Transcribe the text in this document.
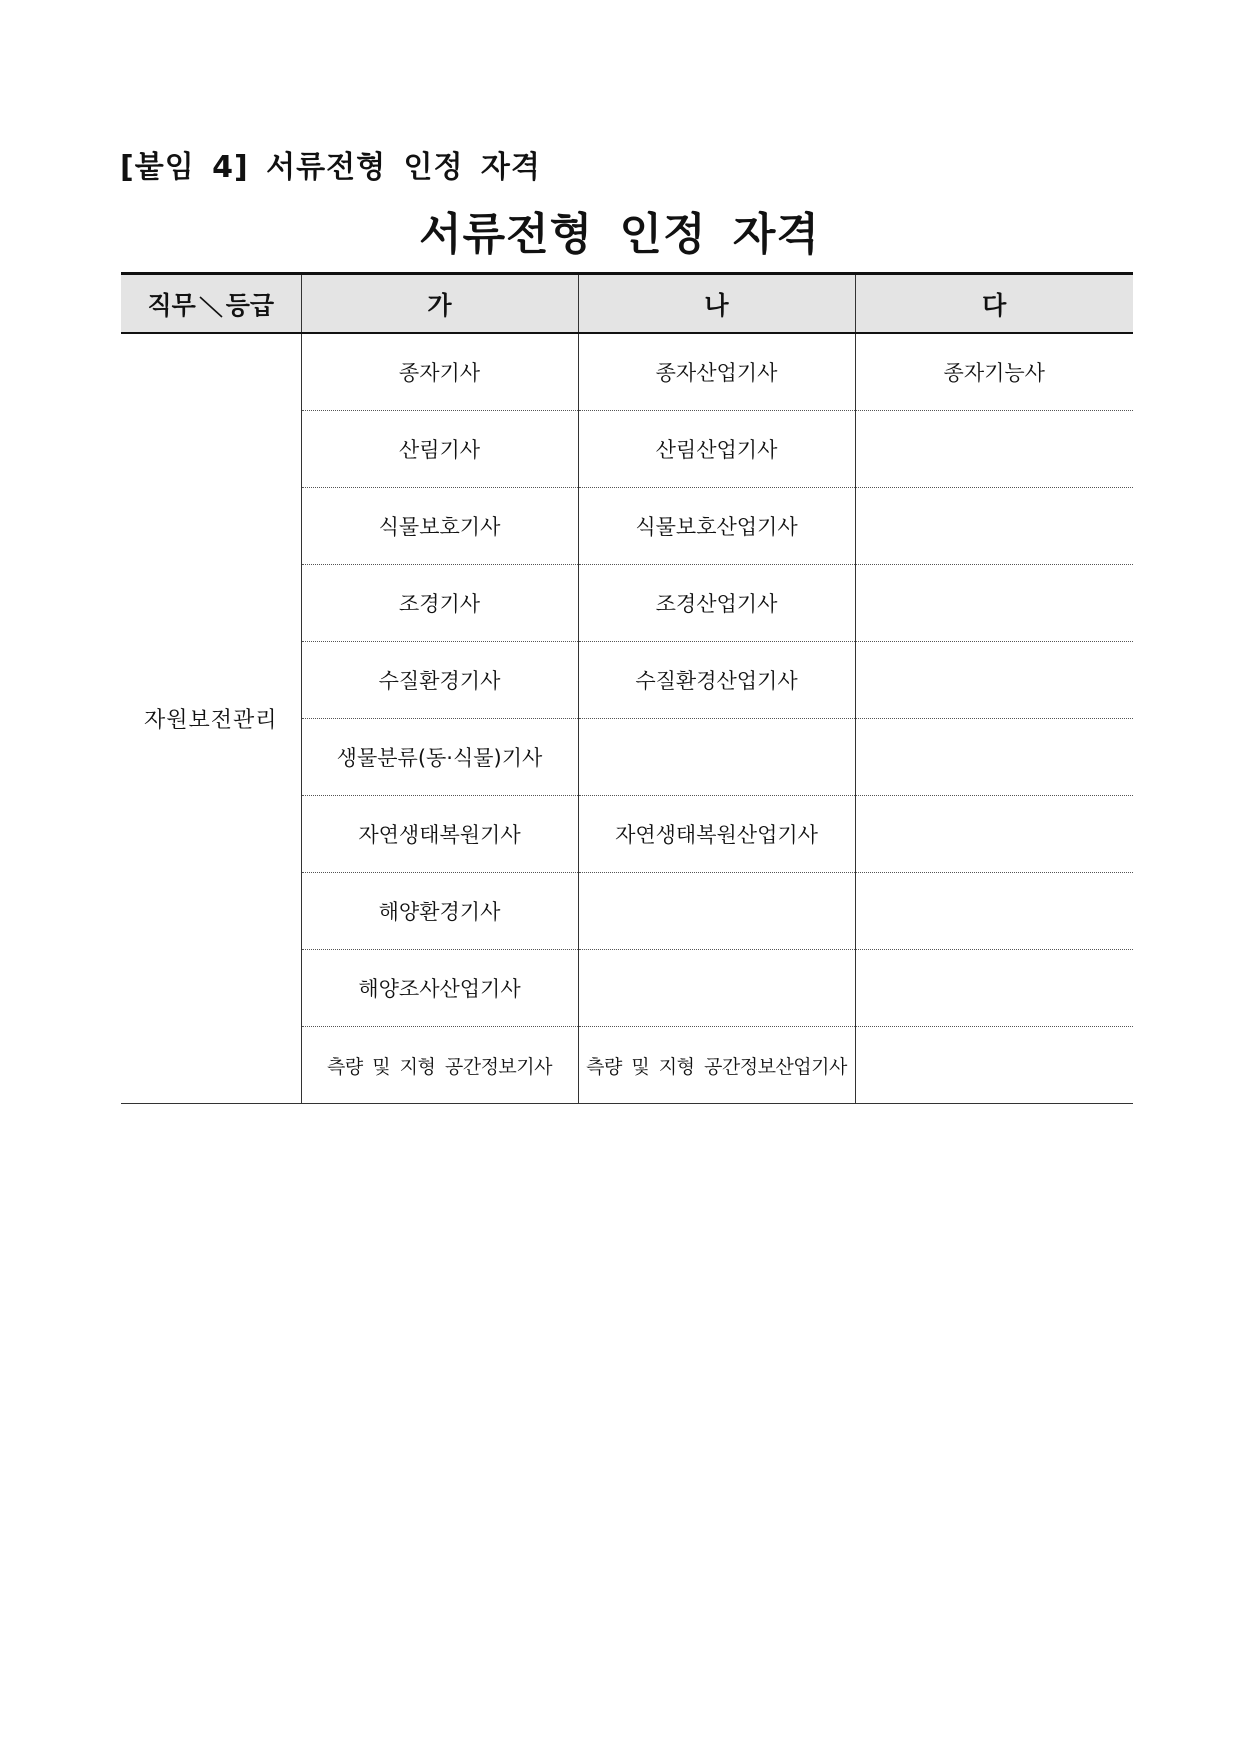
[붙임 4] 서류전형 인정 자격
서류전형 인정 자격
직무 등급	가	나	다
자원보전관리	종자기사	종자산업기사	종자기능사
	산림기사	산림산업기사	
	식물보호기사	식물보호산업기사	
	조경기사	조경산업기사	
	수질환경기사	수질환경산업기사	
	생물분류(동·식물)기사		
	자연생태복원기사	자연생태복원산업기사	
	해양환경기사		
	해양조사산업기사		
	측량 및 지형 공간정보기사	측량 및 지형 공간정보산업기사	
